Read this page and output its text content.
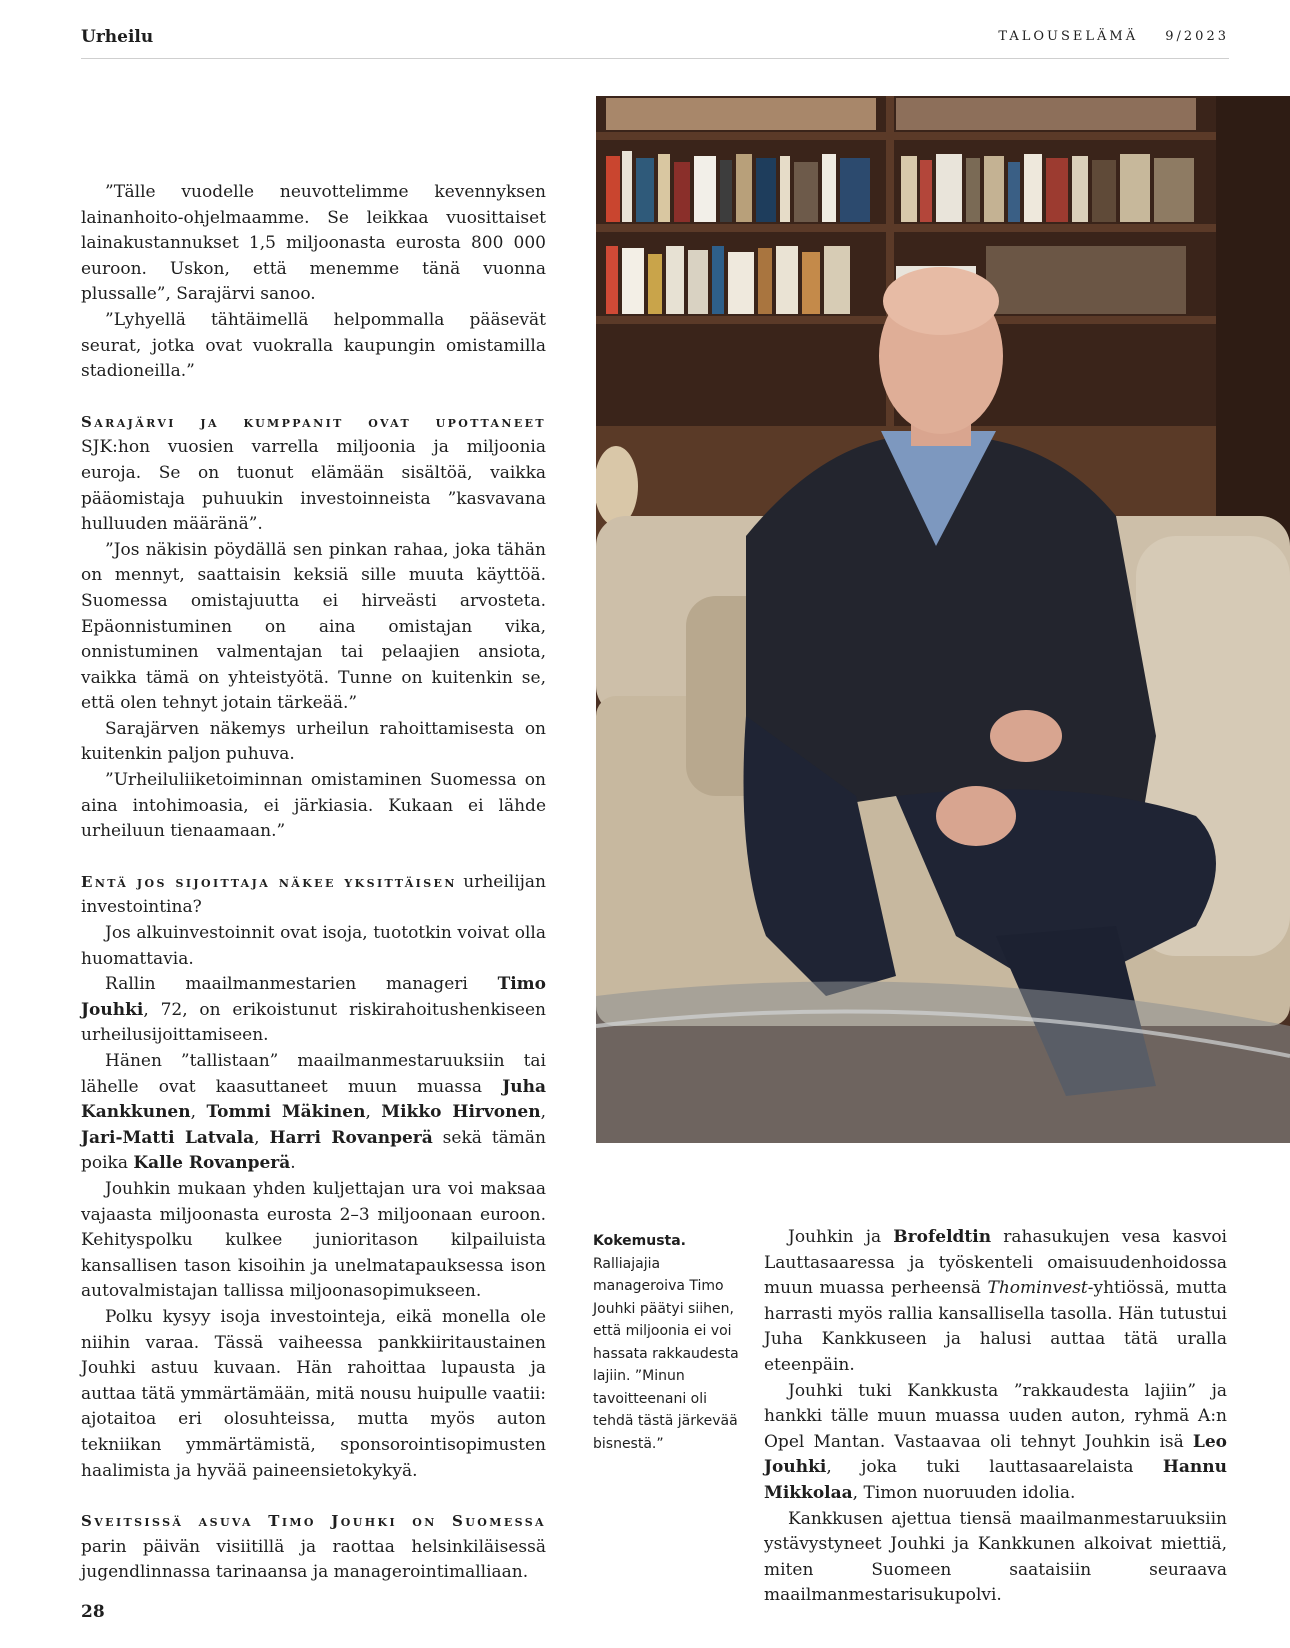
Urheilu	TALOUSELÄMÄ 9/2023

”Tälle vuodelle neuvottelimme kevennyksen lainanhoito-ohjelmaamme. Se leikkaa vuosittaiset lainakustannukset 1,5 miljoonasta eurosta 800 000 euroon. Uskon, että menemme tänä vuonna plussalle”, Sarajärvi sanoo.

”Lyhyellä tähtäimellä helpommalla pääsevät seurat, jotka ovat vuokralla kaupungin omistamilla stadioneilla.”

Sarajärvi ja kumppanit ovat upottaneet SJK:hon vuosien varrella miljoonia ja miljoonia euroja. Se on tuonut elämään sisältöä, vaikka pääomistaja puhuukin investoinneista ”kasvavana hulluuden määränä”.

”Jos näkisin pöydällä sen pinkan rahaa, joka tähän on mennyt, saattaisin keksiä sille muuta käyttöä. Suomessa omistajuutta ei hirveästi arvosteta. Epäonnistuminen on aina omistajan vika, onnistuminen valmentajan tai pelaajien ansiota, vaikka tämä on yhteistyötä. Tunne on kuitenkin se, että olen tehnyt jotain tärkeää.”

Sarajärven näkemys urheilun rahoittamisesta on kuitenkin paljon puhuva.

”Urheiluliiketoiminnan omistaminen Suomessa on aina intohimoasia, ei järkiasia. Kukaan ei lähde urheiluun tienaamaan.”

Entä jos sijoittaja näkee yksittäisen urheilijan investointina?

Jos alkuinvestoinnit ovat isoja, tuototkin voivat olla huomattavia.

Rallin maailmanmestarien manageri Timo Jouhki, 72, on erikoistunut riskirahoitushenkiseen urheilusijoittamiseen.

Hänen ”tallistaan” maailmanmestaruuksiin tai lähelle ovat kaasuttaneet muun muassa Juha Kankkunen, Tommi Mäkinen, Mikko Hirvonen, Jari-Matti Latvala, Harri Rovanperä sekä tämän poika Kalle Rovanperä.

Jouhkin mukaan yhden kuljettajan ura voi maksaa vajaasta miljoonasta eurosta 2–3 miljoonaan euroon. Kehityspolku kulkee junioritason kilpailuista kansallisen tason kisoihin ja unelmatapauksessa ison autovalmistajan tallissa miljoonasopimukseen.

Polku kysyy isoja investointeja, eikä monella ole niihin varaa. Tässä vaiheessa pankkiiritaustainen Jouhki astuu kuvaan. Hän rahoittaa lupausta ja auttaa tätä ymmärtämään, mitä nousu huipulle vaatii: ajotaitoa eri olosuhteissa, mutta myös auton tekniikan ymmärtämistä, sponsorointisopimusten haalimista ja hyvää paineensietokykyä.

Sveitsissä asuva Timo Jouhki on Suomessa parin päivän visiitillä ja raottaa helsinkiläisessä jugendlinnassa tarinaansa ja managerointimalliaan.

Kokemusta.
Ralliajajia manageroiva Timo Jouhki päätyi siihen, että miljoonia ei voi hassata rakkaudesta lajiin. ”Minun tavoitteenani oli tehdä tästä järkevää bisnestä.”

Jouhkin ja Brofeldtin rahasukujen vesa kasvoi Lauttasaaressa ja työskenteli omaisuudenhoidossa muun muassa perheensä Thominvest-yhtiössä, mutta harrasti myös rallia kansallisella tasolla. Hän tutustui Juha Kankkuseen ja halusi auttaa tätä uralla eteenpäin.

Jouhki tuki Kankkusta ”rakkaudesta lajiin” ja hankki tälle muun muassa uuden auton, ryhmä A:n Opel Mantan. Vastaavaa oli tehnyt Jouhkin isä Leo Jouhki, joka tuki lauttasaarelaista Hannu Mikkolaa, Timon nuoruuden idolia.

Kankkusen ajettua tiensä maailmanmestaruuksiin ystävystyneet Jouhki ja Kankkunen alkoivat miettiä, miten Suomeen saataisiin seuraava maailmanmestarisukupolvi.

28
